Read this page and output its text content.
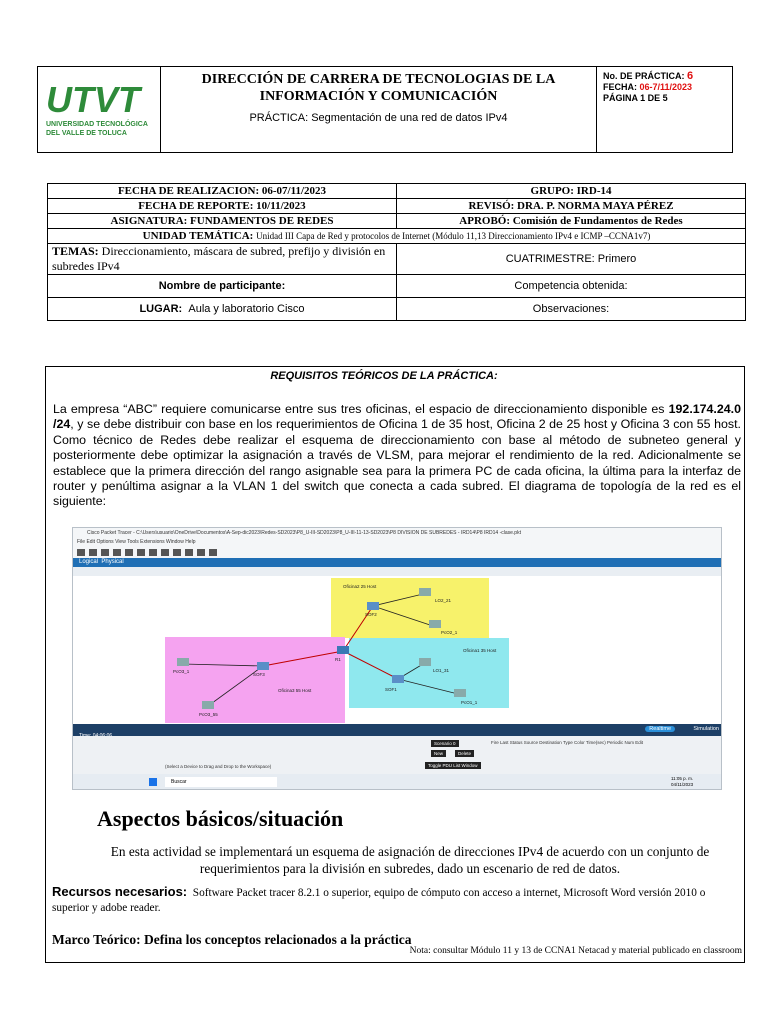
UTVT
UNIVERSIDAD TECNOLÓGICA
DEL VALLE DE TOLUCA
DIRECCIÓN DE CARRERA DE TECNOLOGIAS DE LA INFORMACIÓN Y COMUNICACIÓN
PRÁCTICA: Segmentación de una red de datos IPv4
No. DE PRÁCTICA: 6
FECHA: 06-7/11/2023
PÁGINA 1 DE 5
FECHA DE REALIZACION: 06-07/11/2023	GRUPO: IRD-14
FECHA DE REPORTE: 10/11/2023	REVISÓ: DRA. P. NORMA MAYA PÉREZ
ASIGNATURA: FUNDAMENTOS DE REDES	APROBÓ: Comisión de Fundamentos de Redes
UNIDAD TEMÁTICA: Unidad III Capa de Red y protocolos de Internet (Módulo 11,13 Direccionamiento IPv4 e ICMP –CCNA1v7)	
TEMAS: Direccionamiento, máscara de subred, prefijo y división en subredes IPv4	CUATRIMESTRE: Primero
Nombre de participante:	Competencia obtenida:
LUGAR: Aula y laboratorio Cisco	Observaciones:
REQUISITOS TEÓRICOS DE LA PRÁCTICA:
La empresa “ABC” requiere comunicarse entre sus tres oficinas, el espacio de direccionamiento disponible es 192.174.24.0 /24, y se debe distribuir con base en los requerimientos de Oficina 1 de 35 host, Oficina 2 de 25 host y Oficina 3 con 55 host. Como técnico de Redes debe realizar el esquema de direccionamiento con base al método de subneteo general y posteriormente debe optimizar la asignación a través de VLSM, para mejorar el rendimiento de la red. Adicionalmente se establece que la primera dirección del rango asignable sea para la primera PC de cada oficina, la última para la interfaz de router y penúltima asignar a la VLAN 1 del switch que conecta a cada subred. El diagrama de topología de la red es el siguiente:
Cisco Packet Tracer - C:\Users\usuario\OneDrive\Documentos\A-Sep-dic2023\Redes-SD2023\P8_U-III-SD2023\P8_U-III-11-13-SD2023\P8 DIVISION DE SUBREDES - IRD14\P8 IRD14 -clase.pkt
File Edit Options View Tools Extensions Window Help
Logical Physical
Oficina2 25 Host
Oficina1 35 Host
Oficina3 55 Host
R1
SOF1
SOF2
SOF3
LO2_21
PcO2_1
LO1_31
PcO1_1
PcO3_1
PcO3_55
Realtime	Simulation
(Select a Device to Drag and Drop to the Workspace)
Scenario 0
New	Delete
Toggle PDU List Window
Fire Last Status Source Destination Type Color Time(sec) Periodic Num Edit
Buscar
11:05 p. m. 04/11/2023
Aspectos básicos/situación
En esta actividad se implementará un esquema de asignación de direcciones IPv4 de acuerdo con un conjunto de requerimientos para la división en subredes, dado un escenario de red de datos.
Recursos necesarios: Software Packet tracer 8.2.1 o superior, equipo de cómputo con acceso a internet, Microsoft Word versión 2010 o superior y adobe reader.
Marco Teórico: Defina los conceptos relacionados a la práctica
Nota: consultar Módulo 11 y 13 de CCNA1 Netacad y material publicado en classroom
